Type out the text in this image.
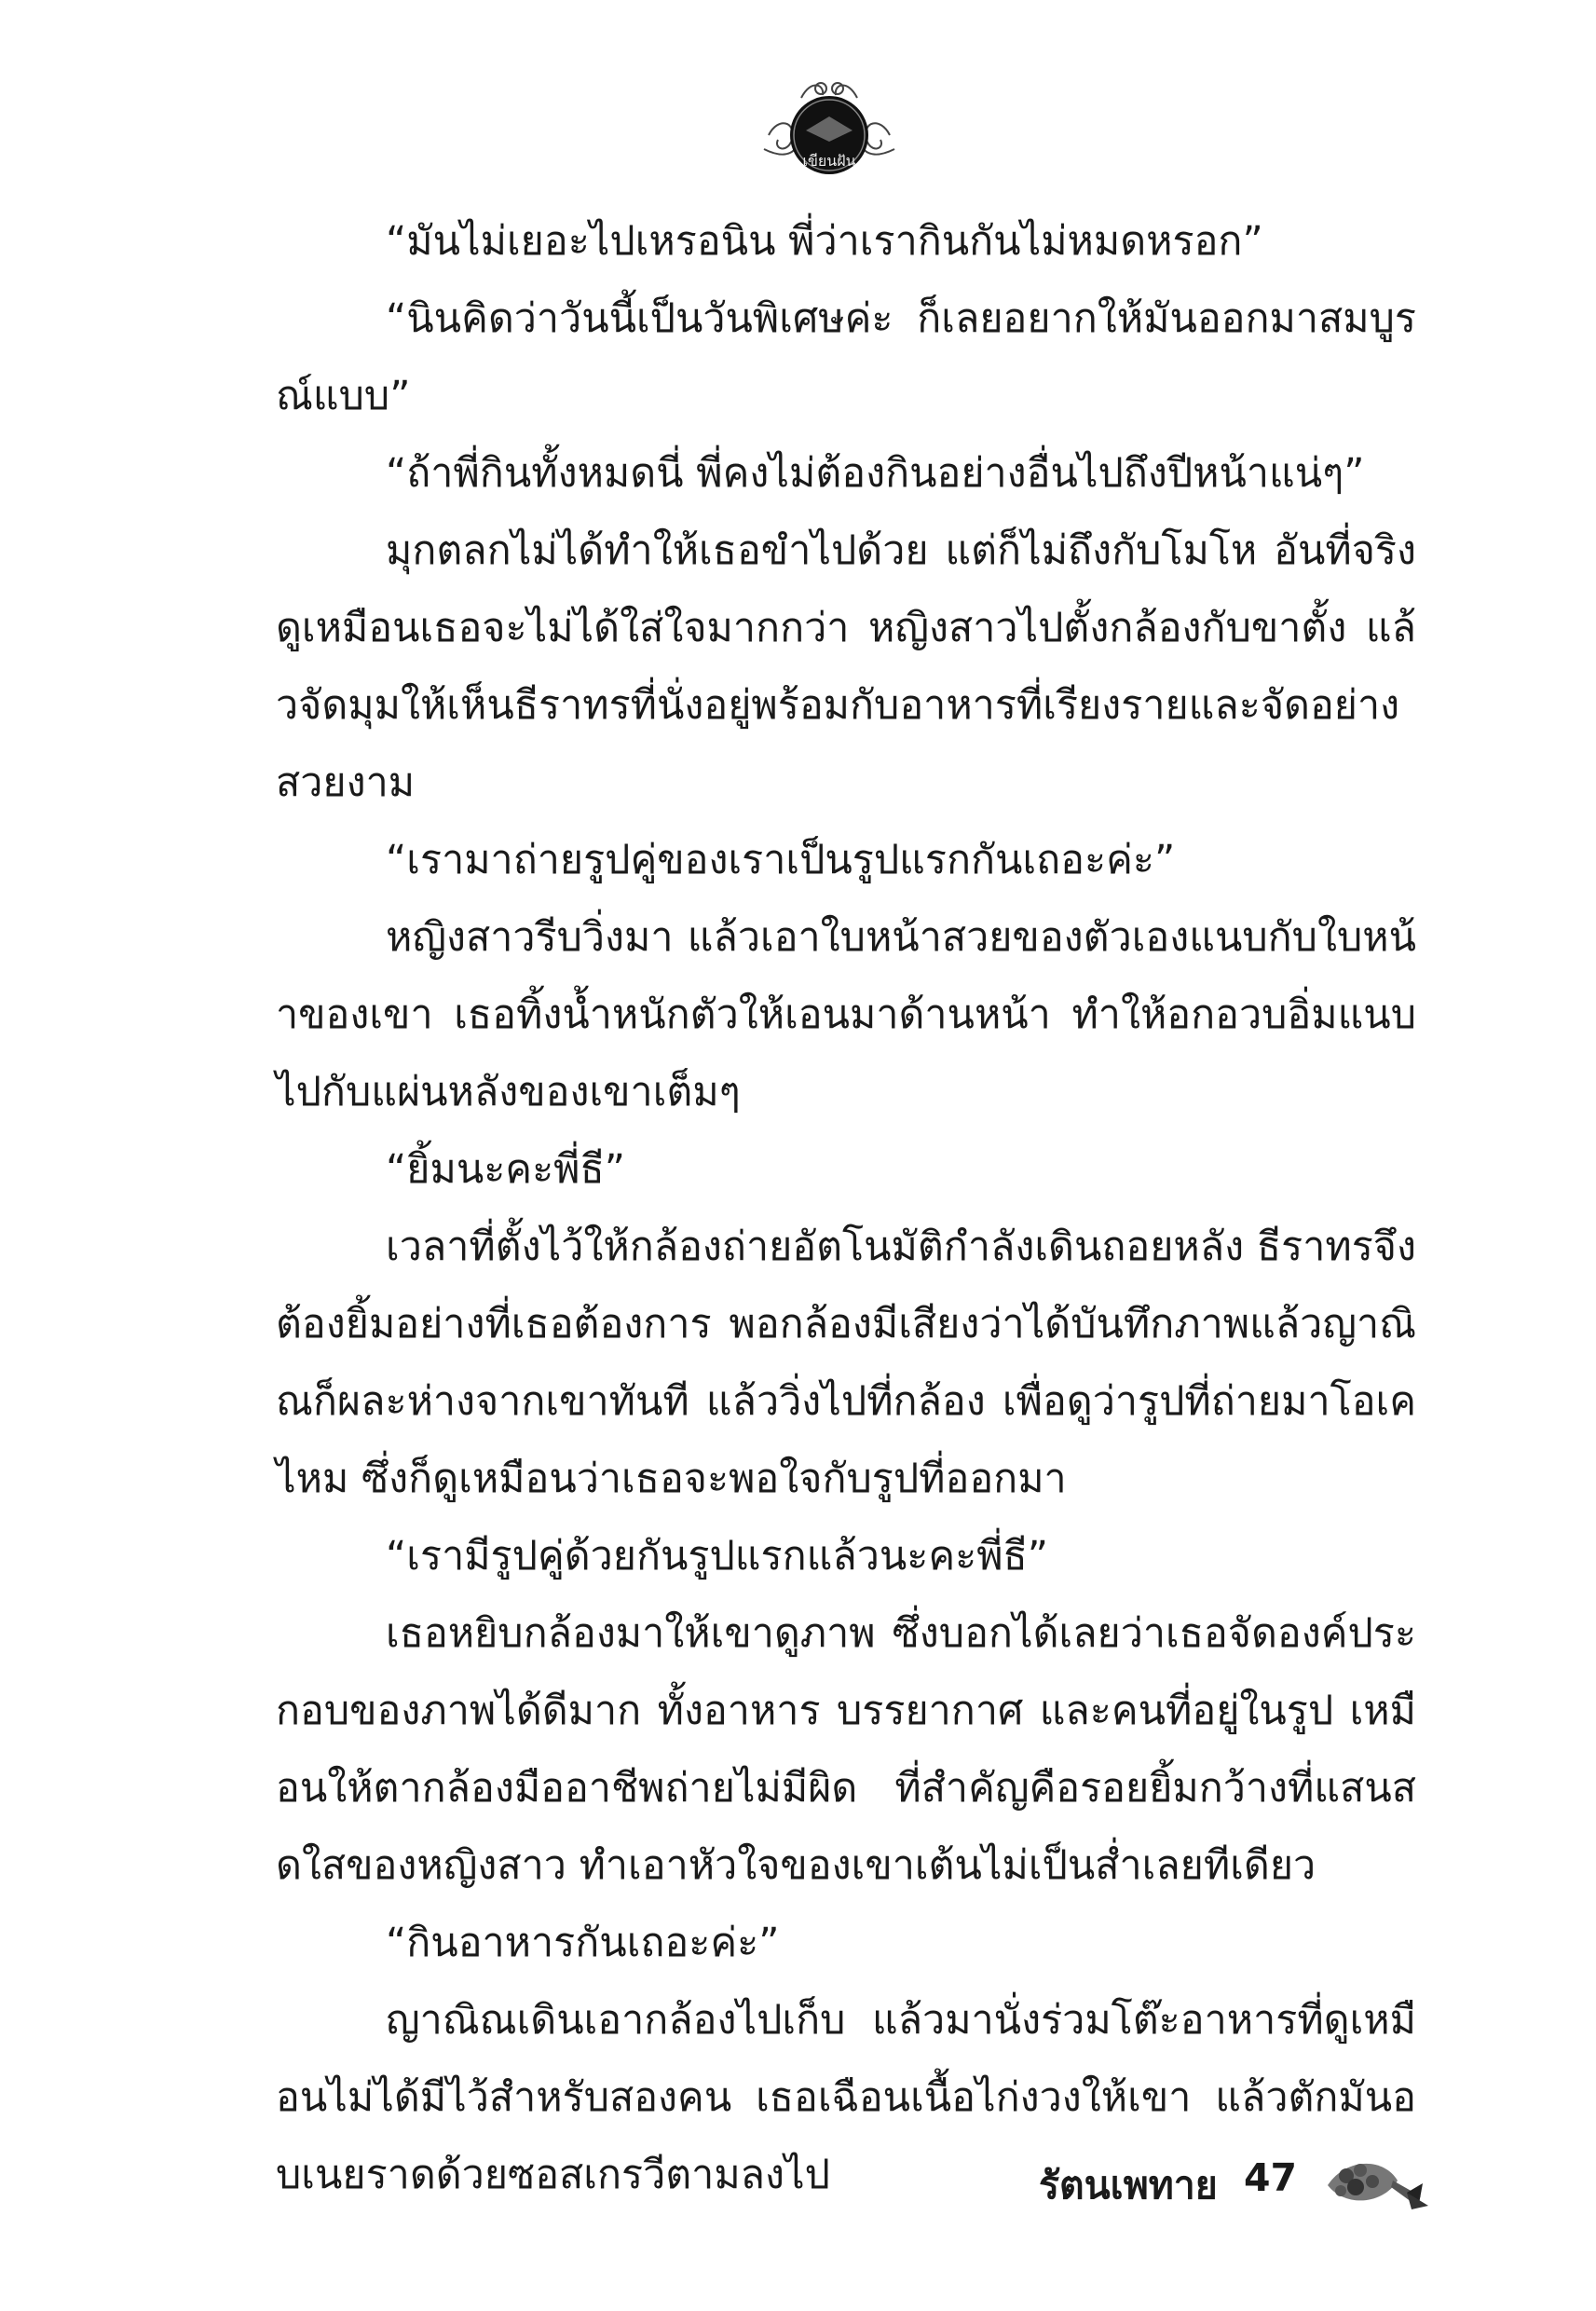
เขียนฝัน

“มันไม่เยอะไปเหรอนิน พี่ว่าเรากินกันไม่หมดหรอก”

“นินคิดว่าวันนี้เป็นวันพิเศษค่ะ ก็เลยอยากให้มันออกมาสมบูรณ์แบบ”

“ถ้าพี่กินทั้งหมดนี่ พี่คงไม่ต้องกินอย่างอื่นไปถึงปีหน้าแน่ๆ”

มุกตลกไม่ได้ทำให้เธอขำไปด้วย แต่ก็ไม่ถึงกับโมโห อันที่จริงดูเหมือนเธอจะไม่ได้ใส่ใจมากกว่า หญิงสาวไปตั้งกล้องกับขาตั้ง แล้วจัดมุมให้เห็นธีราทรที่นั่งอยู่พร้อมกับอาหารที่เรียงรายและจัดอย่างสวยงาม

“เรามาถ่ายรูปคู่ของเราเป็นรูปแรกกันเถอะค่ะ”

หญิงสาวรีบวิ่งมา แล้วเอาใบหน้าสวยของตัวเองแนบกับใบหน้าของเขา เธอทิ้งน้ำหนักตัวให้เอนมาด้านหน้า ทำให้อกอวบอิ่มแนบไปกับแผ่นหลังของเขาเต็มๆ

“ยิ้มนะคะพี่ธี”

เวลาที่ตั้งไว้ให้กล้องถ่ายอัตโนมัติกำลังเดินถอยหลัง ธีราทรจึงต้องยิ้มอย่างที่เธอต้องการ พอกล้องมีเสียงว่าได้บันทึกภาพแล้วญาณิณก็ผละห่างจากเขาทันที แล้ววิ่งไปที่กล้อง เพื่อดูว่ารูปที่ถ่ายมาโอเคไหม ซึ่งก็ดูเหมือนว่าเธอจะพอใจกับรูปที่ออกมา

“เรามีรูปคู่ด้วยกันรูปแรกแล้วนะคะพี่ธี”

เธอหยิบกล้องมาให้เขาดูภาพ ซึ่งบอกได้เลยว่าเธอจัดองค์ประกอบของภาพได้ดีมาก ทั้งอาหาร บรรยากาศ และคนที่อยู่ในรูป เหมือนให้ตากล้องมืออาชีพถ่ายไม่มีผิด ที่สำคัญคือรอยยิ้มกว้างที่แสนสดใสของหญิงสาว ทำเอาหัวใจของเขาเต้นไม่เป็นส่ำเลยทีเดียว

“กินอาหารกันเถอะค่ะ”

ญาณิณเดินเอากล้องไปเก็บ แล้วมานั่งร่วมโต๊ะอาหารที่ดูเหมือนไม่ได้มีไว้สำหรับสองคน เธอเฉือนเนื้อไก่งวงให้เขา แล้วตักมันอบเนยราดด้วยซอสเกรวีตามลงไป	รัตนเพทาย 47
